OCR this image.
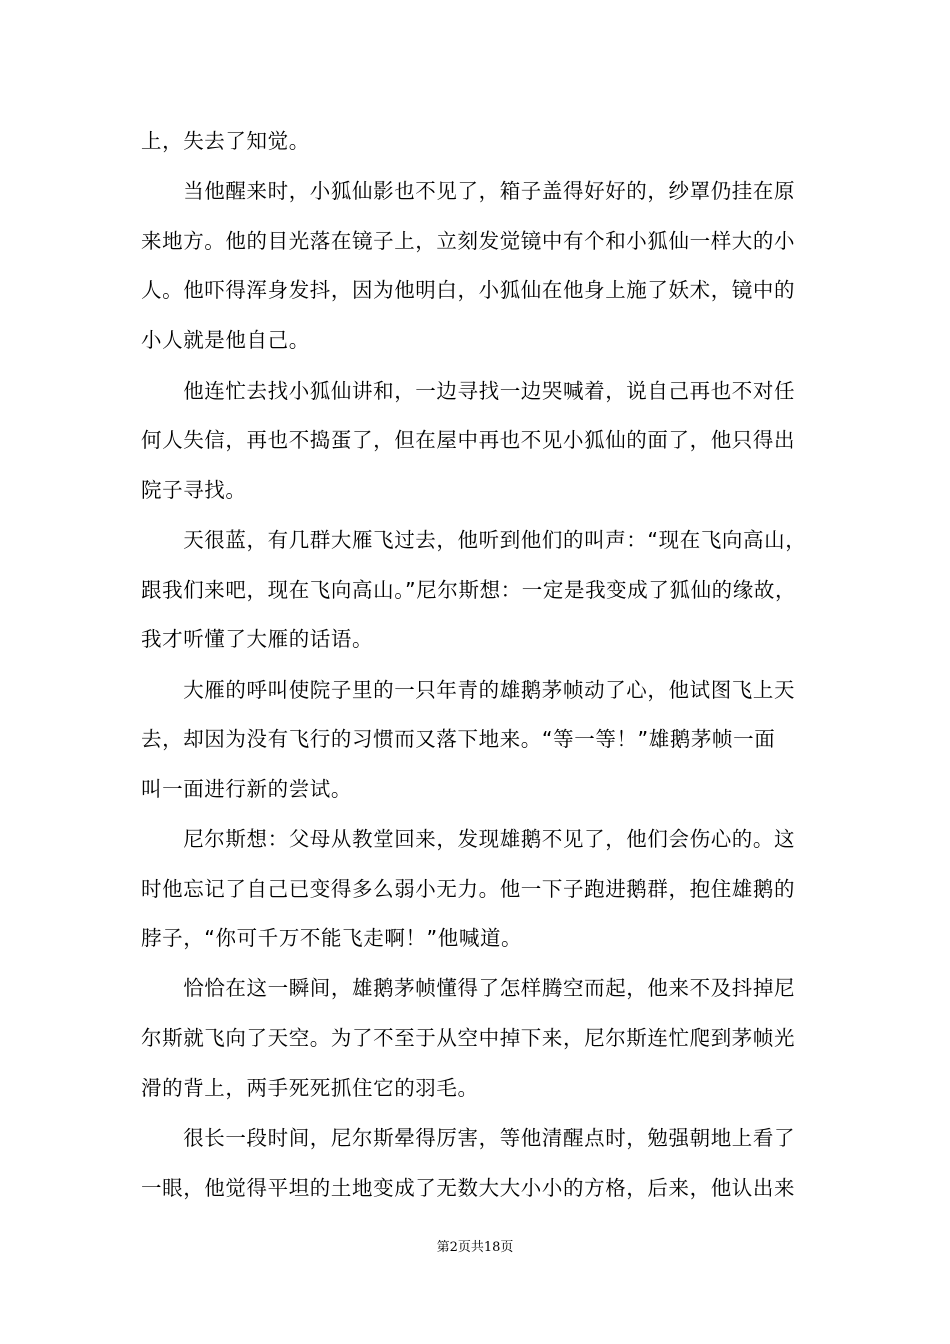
上，失去了知觉。
　　当他醒来时，小狐仙影也不见了，箱子盖得好好的，纱罩仍挂在原
来地方。他的目光落在镜子上，立刻发觉镜中有个和小狐仙一样大的小
人。他吓得浑身发抖，因为他明白，小狐仙在他身上施了妖术，镜中的
小人就是他自己。
　　他连忙去找小狐仙讲和，一边寻找一边哭喊着，说自己再也不对任
何人失信，再也不捣蛋了，但在屋中再也不见小狐仙的面了，他只得出
院子寻找。
　　天很蓝，有几群大雁飞过去，他听到他们的叫声：“现在飞向高山，
跟我们来吧，现在飞向高山。”尼尔斯想：一定是我变成了狐仙的缘故，
我才听懂了大雁的话语。
　　大雁的呼叫使院子里的一只年青的雄鹅茅帧动了心，他试图飞上天
去，却因为没有飞行的习惯而又落下地来。“等一等！”雄鹅茅帧一面
叫一面进行新的尝试。
　　尼尔斯想：父母从教堂回来，发现雄鹅不见了，他们会伤心的。这
时他忘记了自己已变得多么弱小无力。他一下子跑进鹅群，抱住雄鹅的
脖子，“你可千万不能飞走啊！”他喊道。
　　恰恰在这一瞬间，雄鹅茅帧懂得了怎样腾空而起，他来不及抖掉尼
尔斯就飞向了天空。为了不至于从空中掉下来，尼尔斯连忙爬到茅帧光
滑的背上，两手死死抓住它的羽毛。
　　很长一段时间，尼尔斯晕得厉害，等他清醒点时，勉强朝地上看了
一眼，他觉得平坦的土地变成了无数大大小小的方格，后来，他认出来
第2页共18页
